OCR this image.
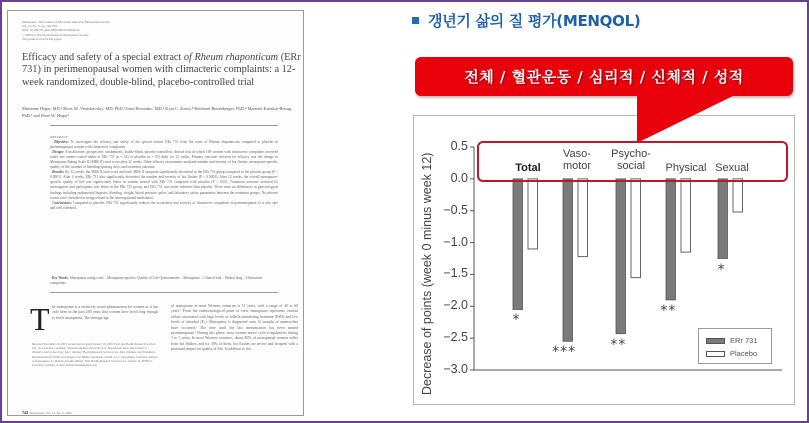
Menopause: The Journal of The North American Menopause Society
Vol. 13, No. 5, pp. 744-759
DOI: 10.1097/01.gme.0000240632.08182.e4
© 2006 by The North American Menopause Society
Text printed on acid-free paper.
Efficacy and safety of a special extract of Rheum rhaponticum (ERr 731) in perimenopausal women with climacteric complaints: a 12-week randomized, double-blind, placebo-controlled trial
Marianne Heger, MD,¹ Boris M. Ventskovskiy, MD, PhD,² Irina Borzenko, MD,³ Kyra C. Kneis,⁴ Reinhard Rettenberger, PhD,⁴ Marietta Kaszkin-Bettag, PhD,⁵ and Peter W. Heger⁵
ABSTRACT
Objective: To investigate the efficacy and safety of the special extract ERr 731 from the roots of Rheum rhaponticum compared to placebo in perimenopausal women with climacteric complaints.
Design: A multicenter, prospective, randomized, double-blind, placebo-controlled, clinical trial in which 109 women with climacteric complaints received either one enteric-coated tablet of ERr 731 (n = 54) or placebo (n = 55) daily for 12 weeks. Primary outcome criterion for efficacy was the change in Menopause Rating Scale II (MRS II) total score after 12 weeks. Other efficacy assessments analyzed number and severity of hot flushes, menopause-specific quality of life, number of bleeding/spotting days, and treatment outcome.
Results: By 12 weeks, the MRS II total score and each MRS II symptom significantly decreased in the ERr 731 group compared to the placebo group (P < 0.0001). After 4 weeks, ERr 731 also significantly decreased the number and severity of hot flushes (P < 0.0001). After 12 weeks, the overall menopause-specific quality of life was significantly better in women treated with ERr 731 compared with placebo (P < 0.05). Treatment outcome assessed by investigators and participants was better in the ERr 731 group, and ERr 731 was better tolerated than placebo. There were no differences in gynecological findings including endometrial biopsies, bleeding, weight, blood pressure, pulse, and laboratory safety parameters between the treatment groups. No adverse events were classified as being related to the investigational medication.
Conclusions: Compared to placebo, ERr 731 significantly reduces the occurrence and severity of climacteric complaints in perimenopause. It is also safe and well tolerated.
Key Words: Menopause rating scale – Menopause-specific Quality of Life Questionnaire – Menopause – Clinical trial – Herbal drug – Climacteric complaints.
T he menopause is a relatively recent phenomenon for women as it has only been in the past 200 years that women have lived long enough to reach menopause. The average age
Received November 20, 2005; revised and accepted January 19, 2006. From the ¹Health Research Services Ltd., St. Leon-Rot, Germany; ²National Medical University A.A. Bogomolets, Kiev, Department of Obstetrics and Gynecology, Kiev, Ukraine; ³Health Research Services Ltd., Kiev, Ukraine; and ⁴Chemisch-Pharmazeutische Fabrik Goeppingen, Carl Müller, Apotheker, GmbH u. Co. Goeppingen, Germany. Address correspondence to: Marietta Kaszkin-Bettag, PhD, Health Research Services Ltd., Opelstr. 3a, 68789 St. Leon-Rot, Germany. E-mail: marietta.kaszkin@hrs-r.biz
of menopause in most Western countries is 51 years, with a range of 40 to 60 years.¹ From the endocrinological point of view, menopause represents ovarian failure associated with high levels of follicle-stimulating hormone (FSH) and low levels of estradiol (E₂). Menopause is diagnosed once 12 months of amenorrhea have occurred.² The time until the last menstruation has been named perimenopause.³ During this phase, most women notice cycle irregularities lasting 1 to 5 years. In most Western countries, about 80% of menopausal women suffer from hot flushes, and for 30% of them, hot flushes are severe and frequent with a profound impact on quality of life. In addition to hot
744 Menopause, Vol. 13, No. 5, 2006
갱년기 삶의 질 평가(MENQOL)
전체 / 혈관운동 / 심리적 / 신체적 / 성적
Total
Vaso-
motor
Psycho-
social	Physical Sexual
Decrease of points (week 0 minus week 12)
0.5
0.0
−0.5
−1.0
−1.5
−2.0
−2.5
−3.0
*
*** **
**
*
ERr 731
Placebo
